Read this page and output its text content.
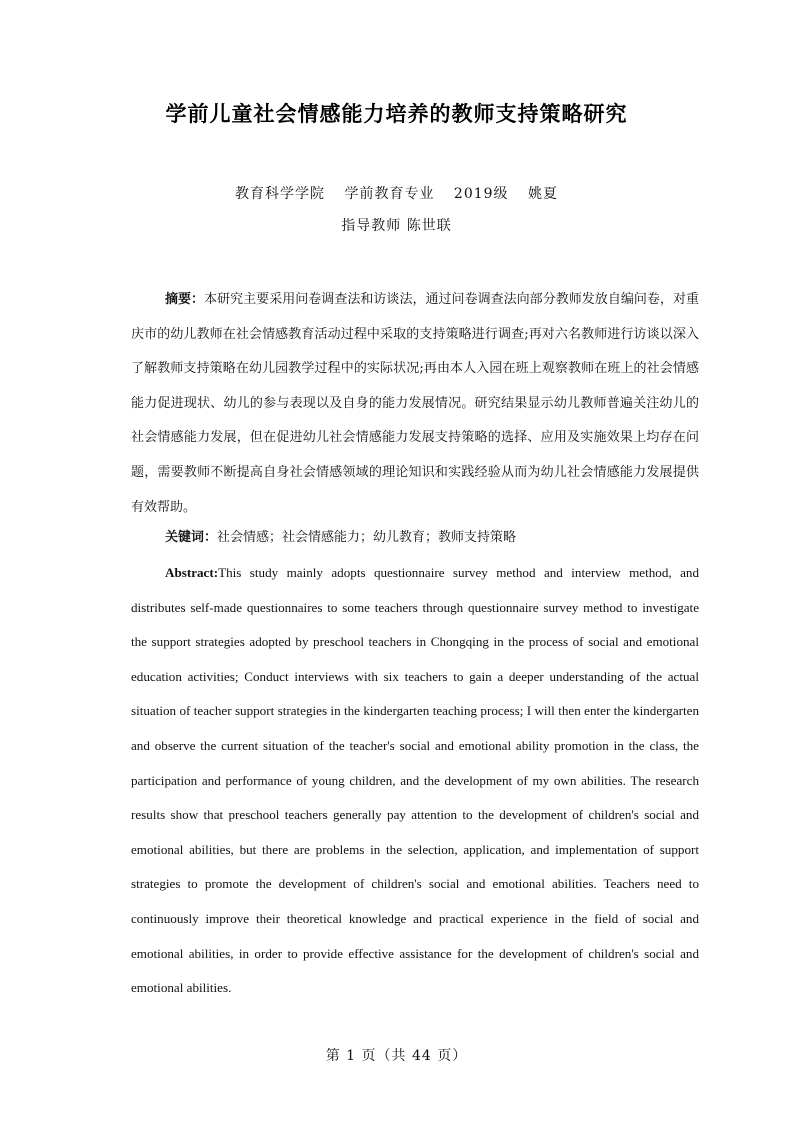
学前儿童社会情感能力培养的教师支持策略研究
教育科学学院 学前教育专业 2019级 姚夏
指导教师 陈世联
摘要：本研究主要采用问卷调查法和访谈法，通过问卷调查法向部分教师发放自编问卷，对重庆市的幼儿教师在社会情感教育活动过程中采取的支持策略进行调查;再对六名教师进行访谈以深入了解教师支持策略在幼儿园教学过程中的实际状况;再由本人入园在班上观察教师在班上的社会情感能力促进现状、幼儿的参与表现以及自身的能力发展情况。研究结果显示幼儿教师普遍关注幼儿的社会情感能力发展，但在促进幼儿社会情感能力发展支持策略的选择、应用及实施效果上均存在问题，需要教师不断提高自身社会情感领域的理论知识和实践经验从而为幼儿社会情感能力发展提供有效帮助。
关键词：社会情感；社会情感能力；幼儿教育；教师支持策略
Abstract:This study mainly adopts questionnaire survey method and interview method, and distributes self-made questionnaires to some teachers through questionnaire survey method to investigate the support strategies adopted by preschool teachers in Chongqing in the process of social and emotional education activities; Conduct interviews with six teachers to gain a deeper understanding of the actual situation of teacher support strategies in the kindergarten teaching process; I will then enter the kindergarten and observe the current situation of the teacher's social and emotional ability promotion in the class, the participation and performance of young children, and the development of my own abilities. The research results show that preschool teachers generally pay attention to the development of children's social and emotional abilities, but there are problems in the selection, application, and implementation of support strategies to promote the development of children's social and emotional abilities. Teachers need to continuously improve their theoretical knowledge and practical experience in the field of social and emotional abilities, in order to provide effective assistance for the development of children's social and emotional abilities.
第 1 页（共 44 页）
